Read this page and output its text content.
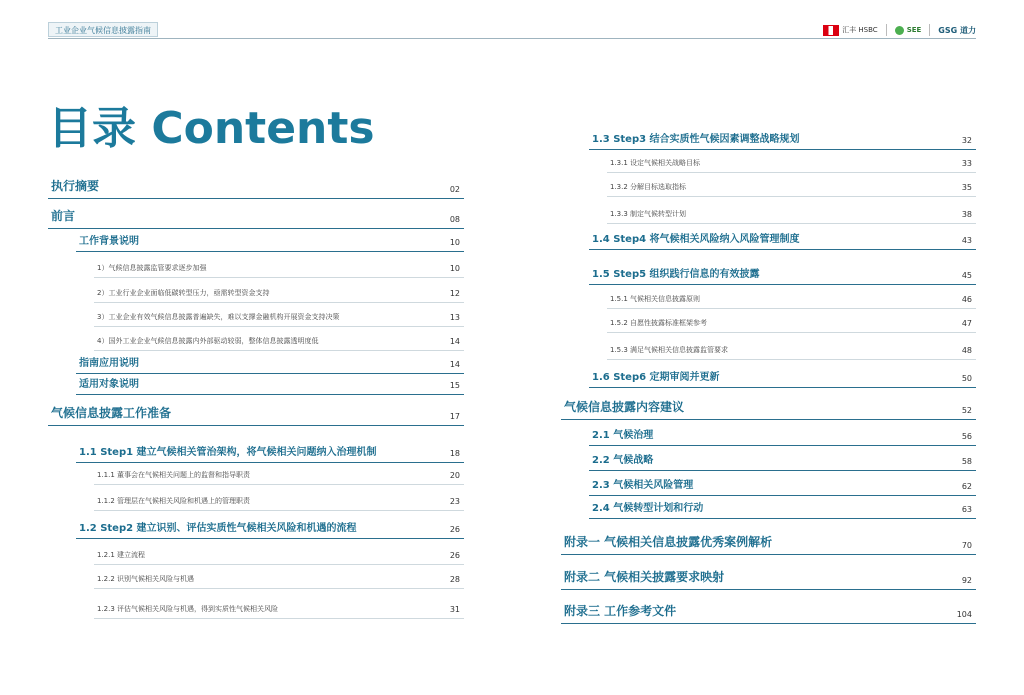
工业企业气候信息披露指南	汇丰 HSBC	SEE GSG 道力
目录 Contents
执行摘要	02
前言	08
工作背景说明	10
1）气候信息披露监管要求逐步加强	10
2）工业行业企业面临低碳转型压力，亟需转型资金支持	12
3）工业企业有效气候信息披露普遍缺失，难以支撑金融机构开展资金支持决策	13
4）国外工业企业气候信息披露内外部驱动较弱，整体信息披露透明度低	14
指南应用说明	14
适用对象说明	15
气候信息披露工作准备	17
1.1 Step1 建立气候相关管治架构，将气候相关问题纳入治理机制	18
1.1.1 董事会在气候相关问题上的监督和指导职责	20
1.1.2 管理层在气候相关风险和机遇上的管理职责	23
1.2 Step2 建立识别、评估实质性气候相关风险和机遇的流程	26
1.2.1 建立流程	26
1.2.2 识别气候相关风险与机遇	28
1.2.3 评估气候相关风险与机遇，得到实质性气候相关风险	31
1.3 Step3 结合实质性气候因素调整战略规划	32
1.3.1 设定气候相关战略目标	33
1.3.2 分解目标选取指标	35
1.3.3 制定气候转型计划	38
1.4 Step4 将气候相关风险纳入风险管理制度	43
1.5 Step5 组织践行信息的有效披露	45
1.5.1 气候相关信息披露原则	46
1.5.2 自愿性披露标准框架参考	47
1.5.3 满足气候相关信息披露监管要求	48
1.6 Step6 定期审阅并更新	50
气候信息披露内容建议	52
2.1 气候治理	56
2.2 气候战略	58
2.3 气候相关风险管理	62
2.4 气候转型计划和行动	63
附录一 气候相关信息披露优秀案例解析	70
附录二 气候相关披露要求映射	92
附录三 工作参考文件	104
